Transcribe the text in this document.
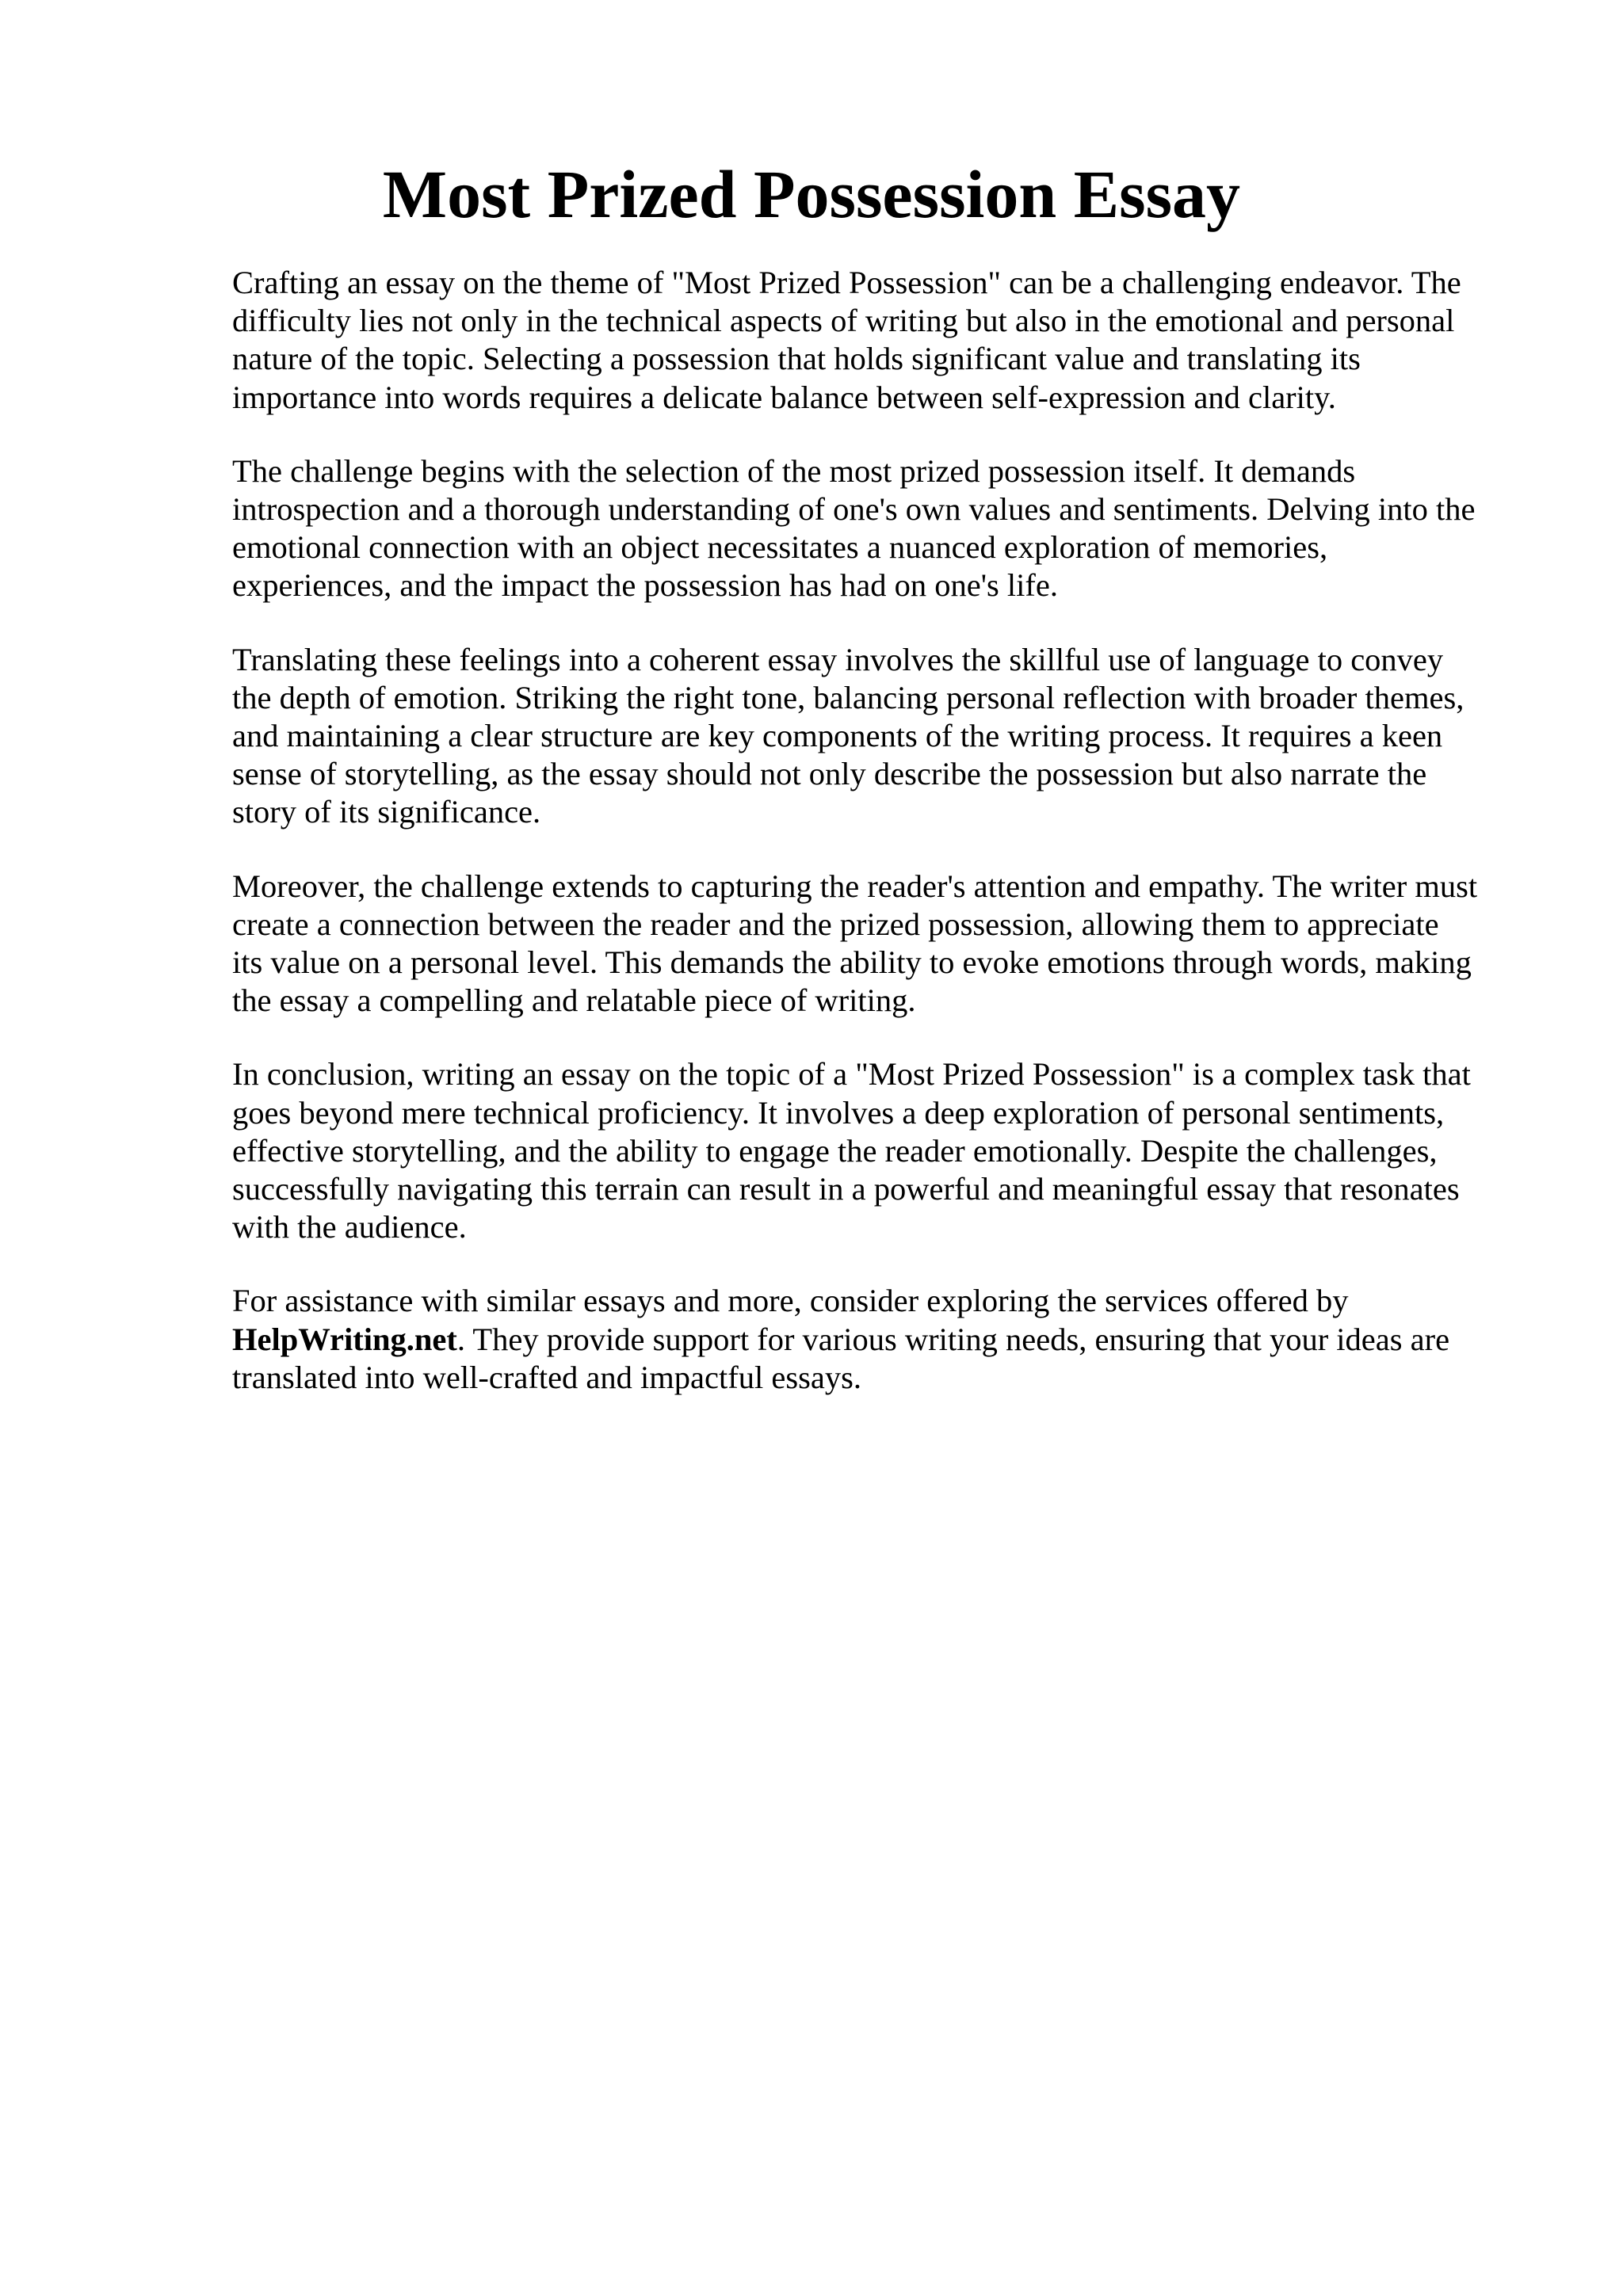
Most Prized Possession Essay

Crafting an essay on the theme of "Most Prized Possession" can be a challenging endeavor. The
difficulty lies not only in the technical aspects of writing but also in the emotional and personal
nature of the topic. Selecting a possession that holds significant value and translating its
importance into words requires a delicate balance between self-expression and clarity.

The challenge begins with the selection of the most prized possession itself. It demands
introspection and a thorough understanding of one's own values and sentiments. Delving into the
emotional connection with an object necessitates a nuanced exploration of memories,
experiences, and the impact the possession has had on one's life.

Translating these feelings into a coherent essay involves the skillful use of language to convey
the depth of emotion. Striking the right tone, balancing personal reflection with broader themes,
and maintaining a clear structure are key components of the writing process. It requires a keen
sense of storytelling, as the essay should not only describe the possession but also narrate the
story of its significance.

Moreover, the challenge extends to capturing the reader's attention and empathy. The writer must
create a connection between the reader and the prized possession, allowing them to appreciate
its value on a personal level. This demands the ability to evoke emotions through words, making
the essay a compelling and relatable piece of writing.

In conclusion, writing an essay on the topic of a "Most Prized Possession" is a complex task that
goes beyond mere technical proficiency. It involves a deep exploration of personal sentiments,
effective storytelling, and the ability to engage the reader emotionally. Despite the challenges,
successfully navigating this terrain can result in a powerful and meaningful essay that resonates
with the audience.

For assistance with similar essays and more, consider exploring the services offered by
HelpWriting.net. They provide support for various writing needs, ensuring that your ideas are
translated into well-crafted and impactful essays.
